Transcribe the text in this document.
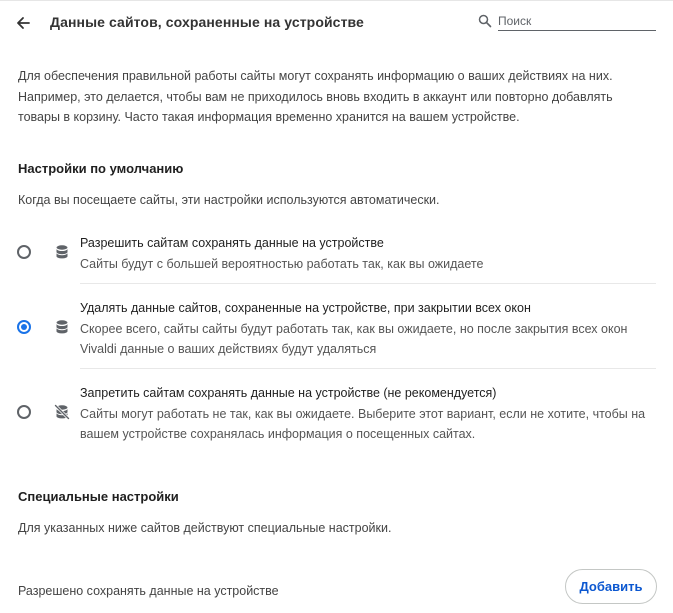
Данные сайтов, сохраненные на устройстве
Поиск
Для обеспечения правильной работы сайты могут сохранять информацию о ваших действиях на них.
Например, это делается, чтобы вам не приходилось вновь входить в аккаунт или повторно добавлять
товары в корзину. Часто такая информация временно хранится на вашем устройстве.
Настройки по умолчанию
Когда вы посещаете сайты, эти настройки используются автоматически.
Разрешить сайтам сохранять данные на устройстве
Сайты будут с большей вероятностью работать так, как вы ожидаете
Удалять данные сайтов, сохраненные на устройстве, при закрытии всех окон
Скорее всего, сайты сайты будут работать так, как вы ожидаете, но после закрытия всех окон
Vivaldi данные о ваших действиях будут удаляться
Запретить сайтам сохранять данные на устройстве (не рекомендуется)
Сайты могут работать не так, как вы ожидаете. Выберите этот вариант, если не хотите, чтобы на
вашем устройстве сохранялась информация о посещенных сайтах.
Специальные настройки
Для указанных ниже сайтов действуют специальные настройки.
Разрешено сохранять данные на устройстве	Добавить
